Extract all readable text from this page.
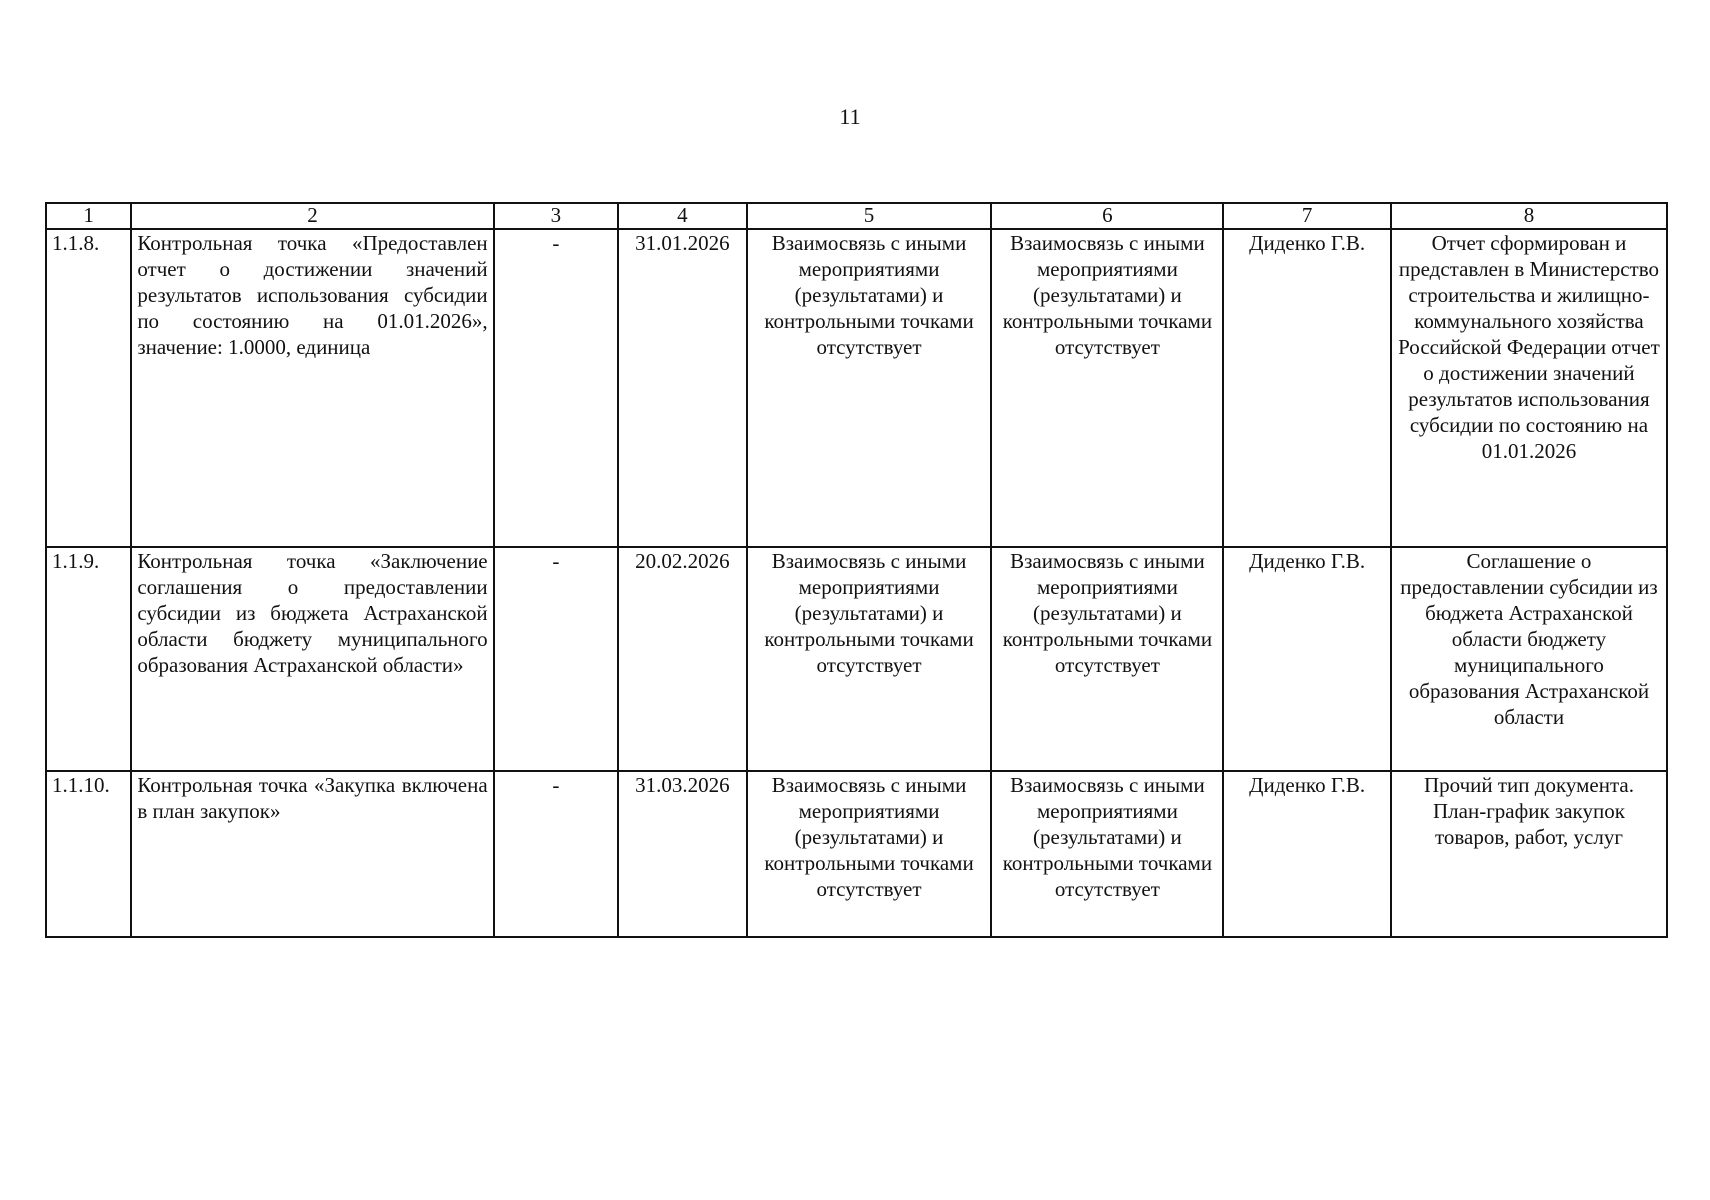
11
1	2	3	4	5	6	7	8
1.1.8.	Контрольная точка «Предоставлен отчет о достижении значений результатов использования субсидии по состоянию на 01.01.2026», значение: 1.0000, единица	-	31.01.2026	Взаимосвязь с иными мероприятиями (результатами) и контрольными точками отсутствует	Взаимосвязь с иными мероприятиями (результатами) и контрольными точками отсутствует	Диденко Г.В.	Отчет сформирован и представлен в Министерство строительства и жилищно-коммунального хозяйства Российской Федерации отчет о достижении значений результатов использования субсидии по состоянию на 01.01.2026
1.1.9.	Контрольная точка «Заключение соглашения о предоставлении субсидии из бюджета Астраханской области бюджету муниципального образования Астраханской области»	-	20.02.2026	Взаимосвязь с иными мероприятиями (результатами) и контрольными точками отсутствует	Взаимосвязь с иными мероприятиями (результатами) и контрольными точками отсутствует	Диденко Г.В.	Соглашение о предоставлении субсидии из бюджета Астраханской области бюджету муниципального образования Астраханской области
1.1.10.	Контрольная точка «Закупка включена в план закупок»	-	31.03.2026	Взаимосвязь с иными мероприятиями (результатами) и контрольными точками отсутствует	Взаимосвязь с иными мероприятиями (результатами) и контрольными точками отсутствует	Диденко Г.В.	Прочий тип документа. План-график закупок товаров, работ, услуг
